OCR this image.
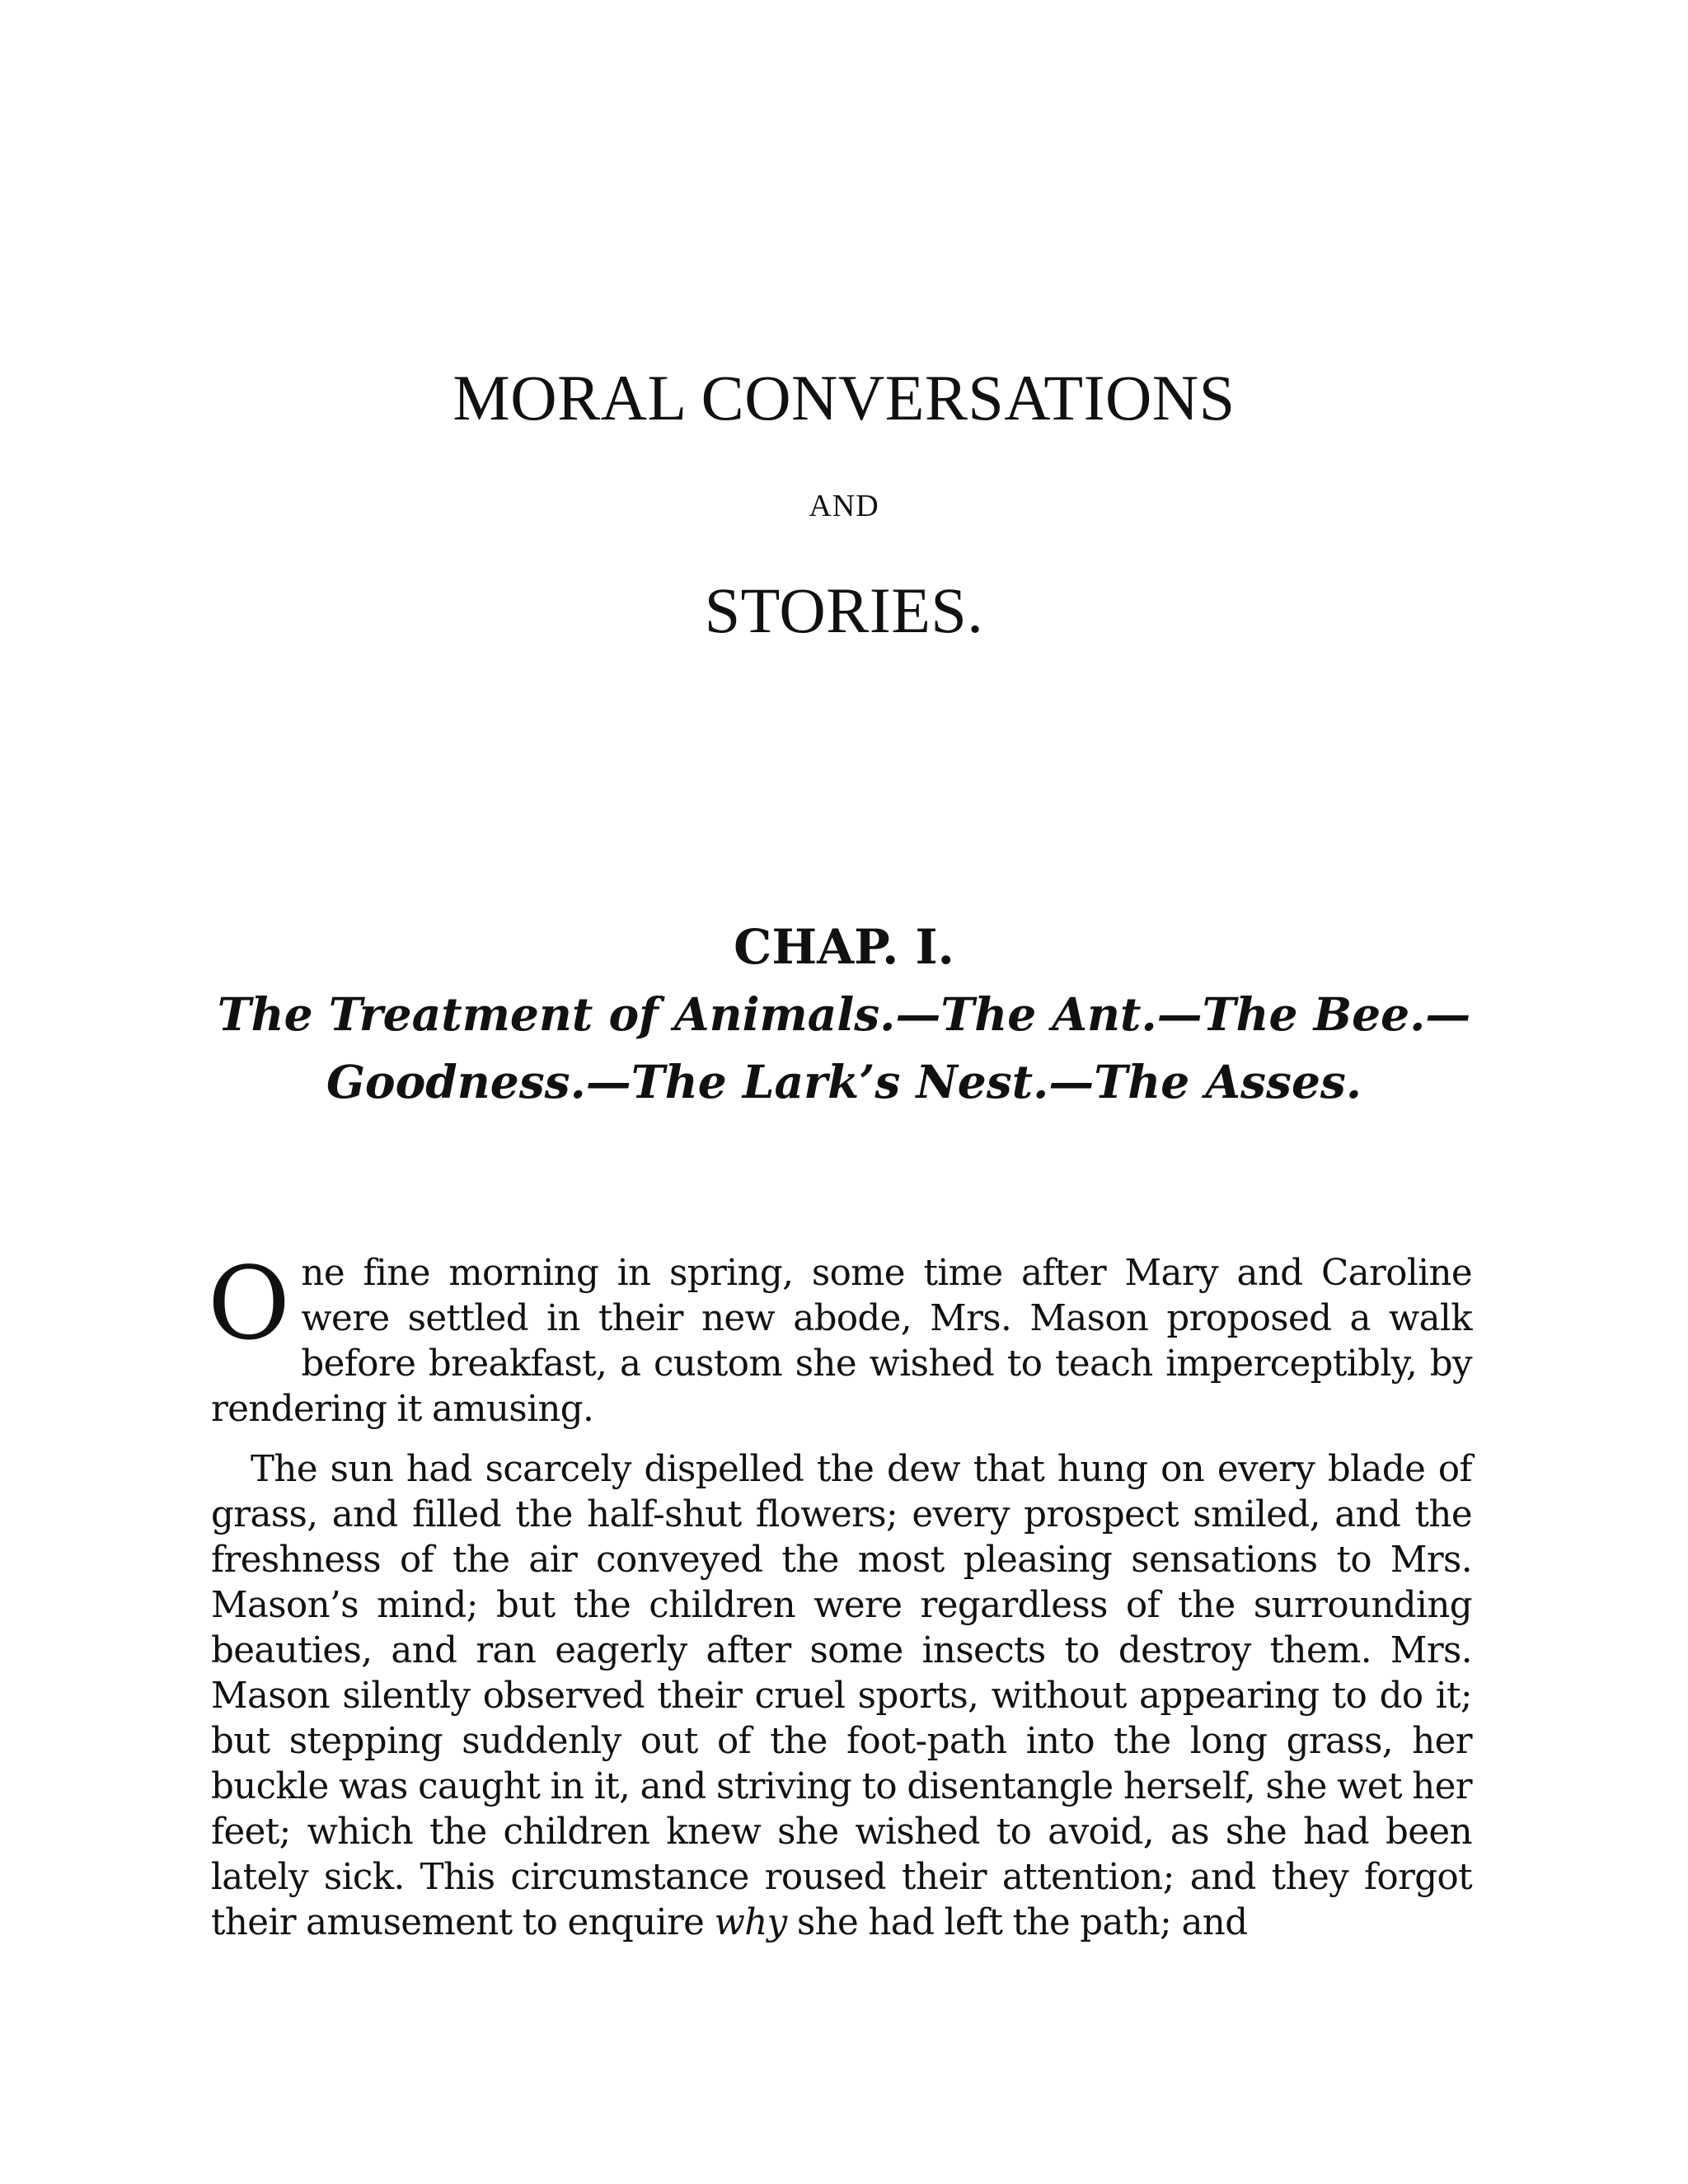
MORAL CONVERSATIONS
AND
STORIES.
CHAP. I.
The Treatment of Animals.—The Ant.—The Bee.—Goodness.—The Lark’s Nest.—The Asses.

One fine morning in spring, some time after Mary and Caroline were settled in their new abode, Mrs. Mason proposed a walk before breakfast, a custom she wished to teach imperceptibly, by rendering it amusing.

The sun had scarcely dispelled the dew that hung on every blade of grass, and filled the half-shut flowers; every prospect smiled, and the freshness of the air conveyed the most pleasing sensations to Mrs. Mason’s mind; but the children were regardless of the surrounding beauties, and ran eagerly after some insects to destroy them. Mrs. Mason silently observed their cruel sports, without appearing to do it; but stepping suddenly out of the foot-path into the long grass, her buckle was caught in it, and striving to disentangle herself, she wet her feet; which the children knew she wished to avoid, as she had been lately sick. This circumstance roused their attention; and they forgot their amusement to enquire why she had left the path; and
